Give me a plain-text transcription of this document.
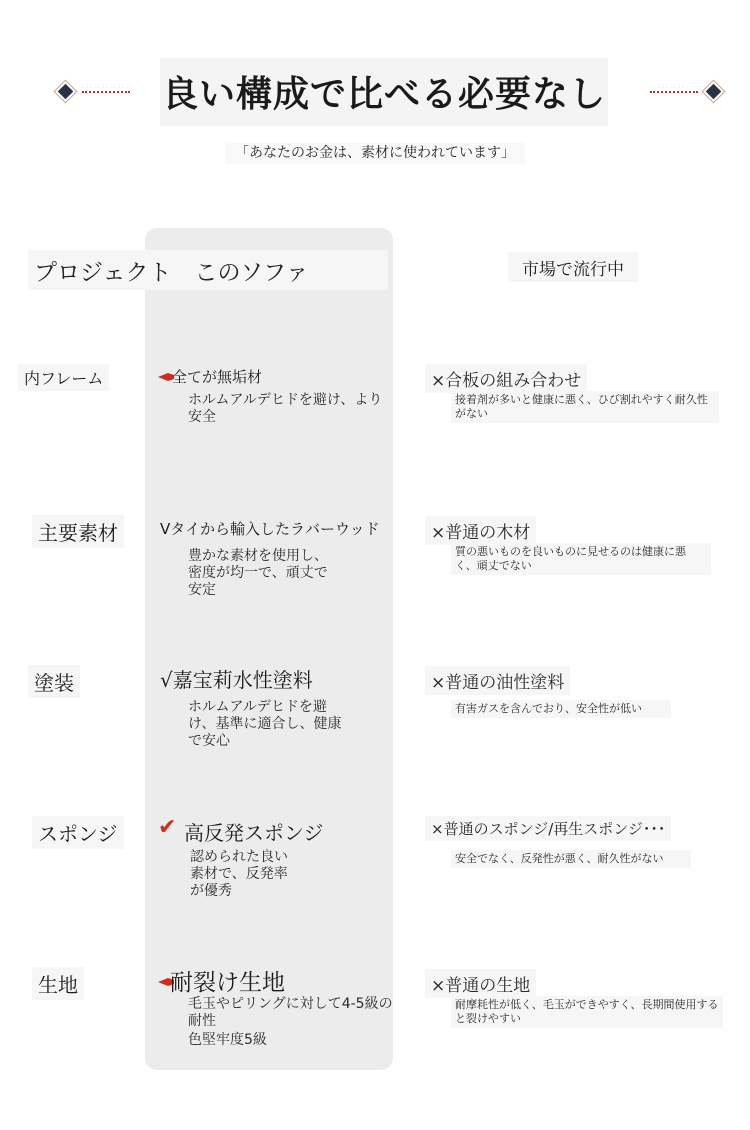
良い構成で比べる必要なし
「あなたのお金は、素材に使われています」
プロジェクト　このソファ	市場で流行中
内フレーム	全てが無垢材
ホルムアルデヒドを避け、より安全
×合板の組み合わせ
接着剤が多いと健康に悪く、ひび割れやすく耐久性がない
主要素材	Vタイから輸入したラバーウッド
豊かな素材を使用し、密度が均一で、頑丈で安定
×普通の木材
質の悪いものを良いものに見せるのは健康に悪く、頑丈でない
塗装	√嘉宝莉水性塗料
ホルムアルデヒドを避け、基準に適合し、健康で安心
×普通の油性塗料
有害ガスを含んでおり、安全性が低い
スポンジ ✔ 高反発スポンジ
認められた良い素材で、反発率が優秀
×普通のスポンジ/再生スポンジ･･･
安全でなく、反発性が悪く、耐久性がない
生地	耐裂け生地
毛玉やピリングに対して4-5級の耐性
色堅牢度5級
×普通の生地
耐摩耗性が低く、毛玉ができやすく、長期間使用すると裂けやすい
